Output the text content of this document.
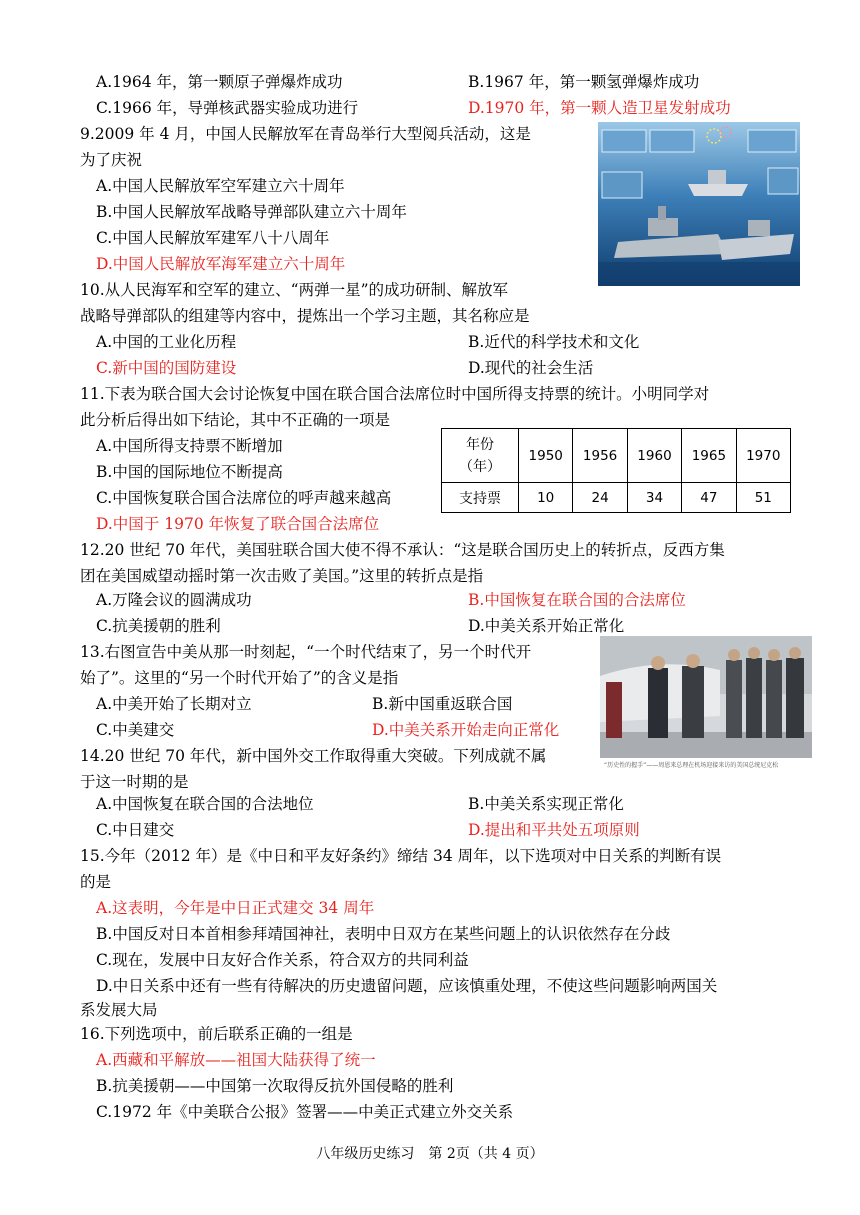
A.1964 年，第一颗原子弹爆炸成功	B.1967 年，第一颗氢弹爆炸成功
C.1966 年，导弹核武器实验成功进行	D.1970 年，第一颗人造卫星发射成功
9.2009 年 4 月，中国人民解放军在青岛举行大型阅兵活动，这是
为了庆祝
A.中国人民解放军空军建立六十周年
B.中国人民解放军战略导弹部队建立六十周年
C.中国人民解放军建军八十八周年
D.中国人民解放军海军建立六十周年
10.从人民海军和空军的建立、“两弹一星”的成功研制、解放军
战略导弹部队的组建等内容中，提炼出一个学习主题，其名称应是
A.中国的工业化历程	B.近代的科学技术和文化
C.新中国的国防建设	D.现代的社会生活
11.下表为联合国大会讨论恢复中国在联合国合法席位时中国所得支持票的统计。小明同学对
此分析后得出如下结论，其中不正确的一项是
A.中国所得支持票不断增加
B.中国的国际地位不断提高
C.中国恢复联合国合法席位的呼声越来越高
D.中国于 1970 年恢复了联合国合法席位
年份
（年）	1950	1956	1960	1965	1970
支持票	10	24	34	47	51
12.20 世纪 70 年代，美国驻联合国大使不得不承认：“这是联合国历史上的转折点，反西方集
团在美国威望动摇时第一次击败了美国。”这里的转折点是指
A.万隆会议的圆满成功	B.中国恢复在联合国的合法席位
C.抗美援朝的胜利	D.中美关系开始正常化
13.右图宣告中美从那一时刻起，“一个时代结束了，另一个时代开
始了”。这里的“另一个时代开始了”的含义是指
A.中美开始了长期对立	B.新中国重返联合国
C.中美建交	D.中美关系开始走向正常化
“历史性的握手”——周恩来总理在机场迎接来访的美国总统尼克松
14.20 世纪 70 年代，新中国外交工作取得重大突破。下列成就不属
于这一时期的是
A.中国恢复在联合国的合法地位	B.中美关系实现正常化
C.中日建交	D.提出和平共处五项原则
15.今年（2012 年）是《中日和平友好条约》缔结 34 周年，以下选项对中日关系的判断有误
的是
A.这表明，今年是中日正式建交 34 周年
B.中国反对日本首相参拜靖国神社，表明中日双方在某些问题上的认识依然存在分歧
C.现在，发展中日友好合作关系，符合双方的共同利益
D.中日关系中还有一些有待解决的历史遗留问题，应该慎重处理，不使这些问题影响两国关
系发展大局
16.下列选项中，前后联系正确的一组是
A.西藏和平解放——祖国大陆获得了统一
B.抗美援朝——中国第一次取得反抗外国侵略的胜利
C.1972 年《中美联合公报》签署——中美正式建立外交关系
八年级历史练习　第 2页（共 4 页）
